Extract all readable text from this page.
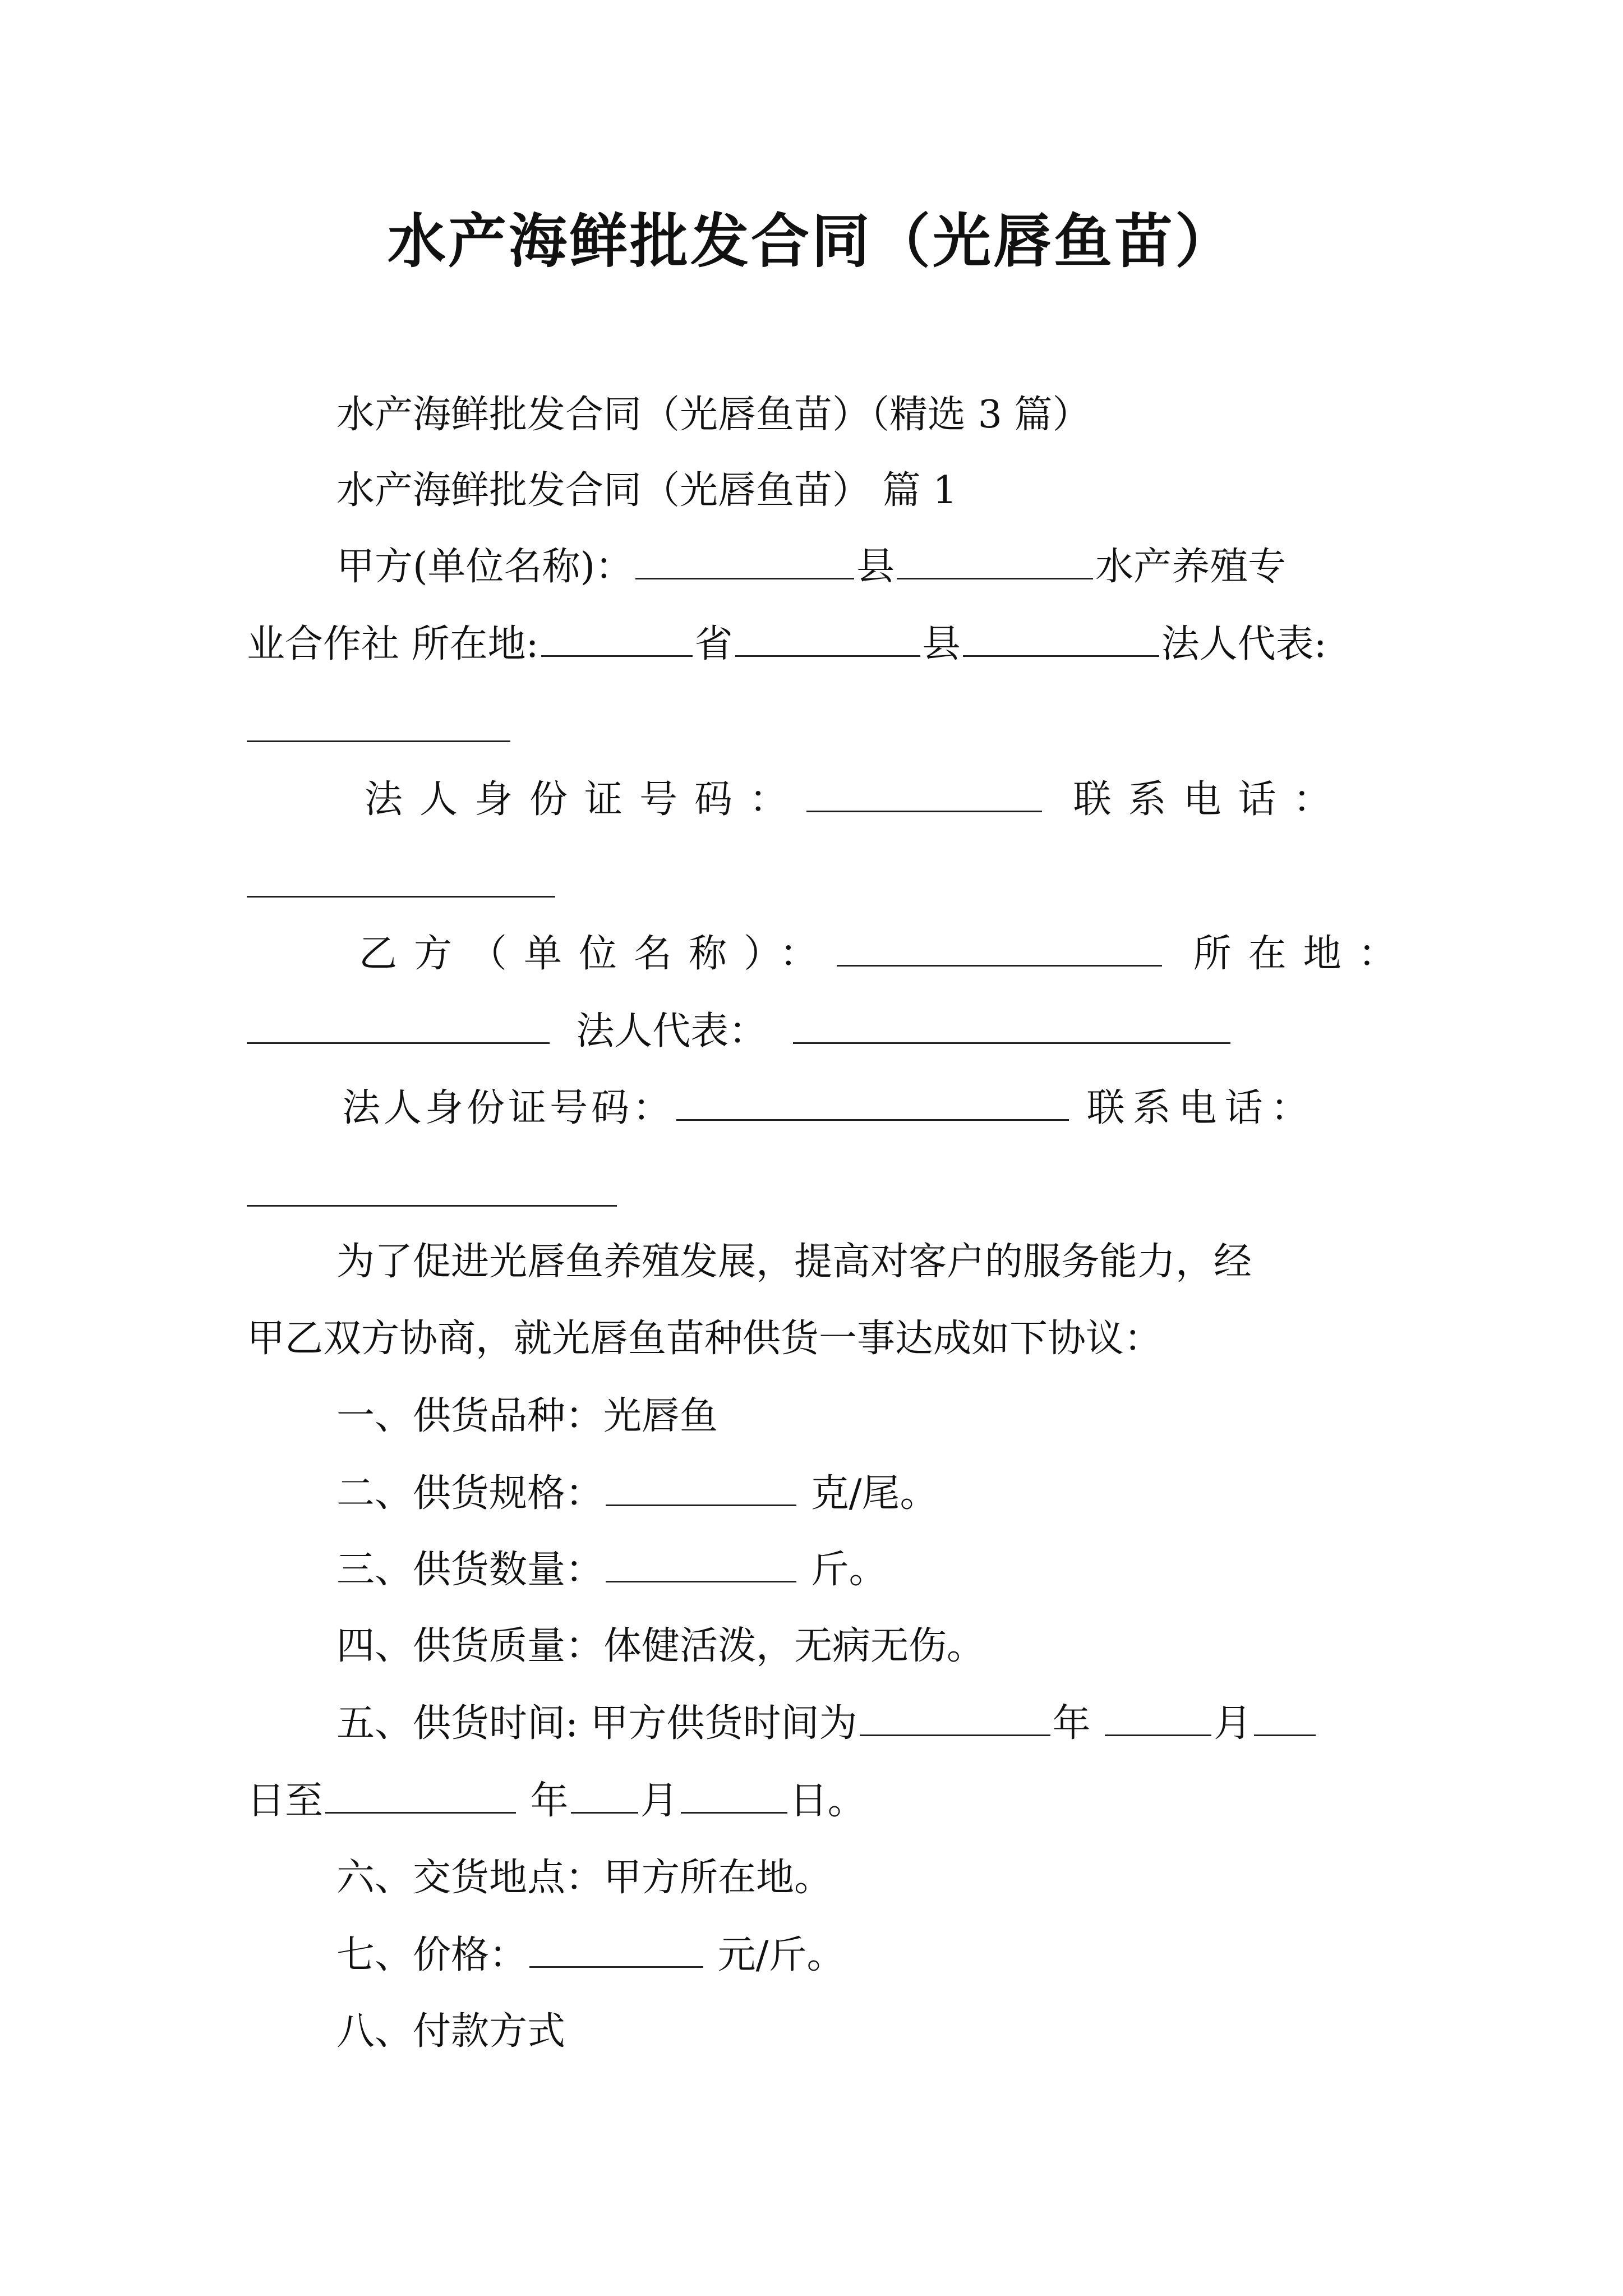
水产海鲜批发合同（光唇鱼苗）
水产海鲜批发合同（光唇鱼苗）（精选 3 篇）
水产海鲜批发合同（光唇鱼苗） 篇 1
甲方(单位名称)：	县	水产养殖专
业合作社 所在地:	省	县	法人代表:
法人身份证号码：	联系电话：
乙方（单位名称）：	所在地：
法人代表：
法人身份证号码：	联系电话：
为了促进光唇鱼养殖发展，提高对客户的服务能力，经
甲乙双方协商，就光唇鱼苗种供货一事达成如下协议：
一、供货品种：光唇鱼
二、供货规格：	克/尾。
三、供货数量：	斤。
四、供货质量：体健活泼，无病无伤。
五、供货时间: 甲方供货时间为	年	月
日至	年 月	日。
六、交货地点：甲方所在地。
七、价格：	元/斤。
八、付款方式
